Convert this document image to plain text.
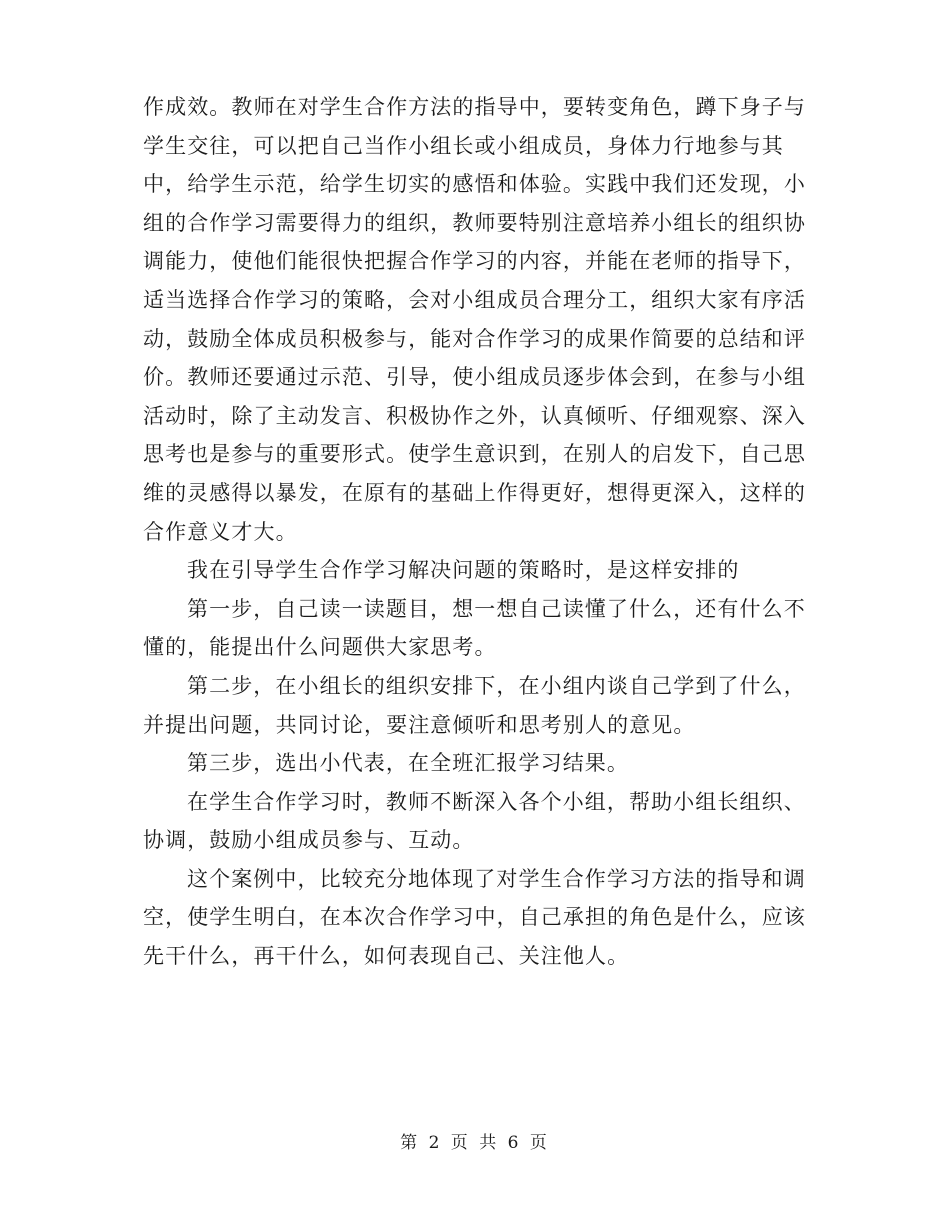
作成效。教师在对学生合作方法的指导中，要转变角色，蹲下身子与
学生交往，可以把自己当作小组长或小组成员，身体力行地参与其
中，给学生示范，给学生切实的感悟和体验。实践中我们还发现，小
组的合作学习需要得力的组织，教师要特别注意培养小组长的组织协
调能力，使他们能很快把握合作学习的内容，并能在老师的指导下，
适当选择合作学习的策略，会对小组成员合理分工，组织大家有序活
动，鼓励全体成员积极参与，能对合作学习的成果作简要的总结和评
价。教师还要通过示范、引导，使小组成员逐步体会到，在参与小组
活动时，除了主动发言、积极协作之外，认真倾听、仔细观察、深入
思考也是参与的重要形式。使学生意识到，在别人的启发下，自己思
维的灵感得以暴发，在原有的基础上作得更好，想得更深入，这样的
合作意义才大。
我在引导学生合作学习解决问题的策略时，是这样安排的
第一步，自己读一读题目，想一想自己读懂了什么，还有什么不
懂的，能提出什么问题供大家思考。
第二步，在小组长的组织安排下，在小组内谈自己学到了什么，
并提出问题，共同讨论，要注意倾听和思考别人的意见。
第三步，选出小代表，在全班汇报学习结果。
在学生合作学习时，教师不断深入各个小组，帮助小组长组织、
协调，鼓励小组成员参与、互动。
这个案例中，比较充分地体现了对学生合作学习方法的指导和调
空，使学生明白，在本次合作学习中，自己承担的角色是什么，应该
先干什么，再干什么，如何表现自己、关注他人。
第 2 页 共 6 页
